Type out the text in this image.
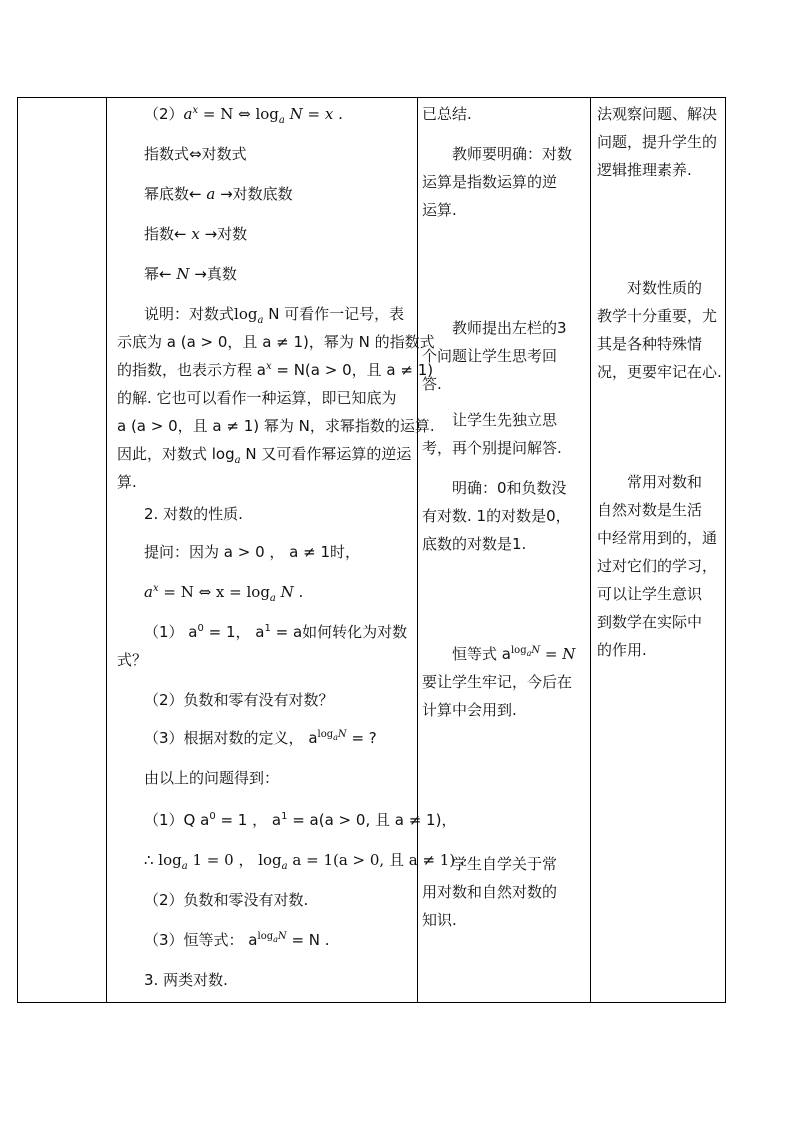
$(2)a^x = N$ ⇔ $\log_a N = x$ .
指数式⇔对数式
幂底数← a →对数底数
指数← x →对数
幂← N →真数
说明：对数式$\log_a N$ 可看作一记号，表
示底为 a (a > 0，且 a ≠ 1)，幂为 N 的指数式
的指数，也表示方程 $a^x = N(a > 0$，且 a ≠ 1)
的解. 它也可以看作一种运算，即已知底为
a (a > 0，且 a ≠ 1) 幂为 N，求幂指数的运算.
因此，对数式 $\log_a N$ 又可看作幂运算的逆运
算.
2. 对数的性质.
提问：因为 a > 0 ， a ≠ 1时，
$a^x = N$ ⇔ $x = \log_a N$ .
（1） $a^0 = 1$， $a^1 = a$如何转化为对数
式？
（2）负数和零有没有对数？
（3）根据对数的定义， $a^{log_aN}$ = ?
由以上的问题得到：
（1）Q $a^0 = 1$ ， $a^1 = a(a > 0$, 且 a ≠ 1)，
∴ $\log_a 1 = 0$ ， $\log_a a = 1(a > 0$, 且 a ≠ 1) .
（2）负数和零没有对数.
（3）恒等式： $a^{log_aN} = N$ .
3. 两类对数.
已总结.
教师要明确：对数
运算是指数运算的逆
运算.
教师提出左栏的3
个问题让学生思考回
答.
让学生先独立思
考，再个别提问解答.
明确：0和负数没
有对数. 1的对数是0，
底数的对数是1.
恒等式 $a^{log_aN} = N$
要让学生牢记，今后在
计算中会用到.
学生自学关于常
用对数和自然对数的
知识.
法观察问题、解决
问题，提升学生的
逻辑推理素养.
对数性质的
教学十分重要，尤
其是各种特殊情
况，更要牢记在心.
常用对数和
自然对数是生活
中经常用到的，通
过对它们的学习，
可以让学生意识
到数学在实际中
的作用.
